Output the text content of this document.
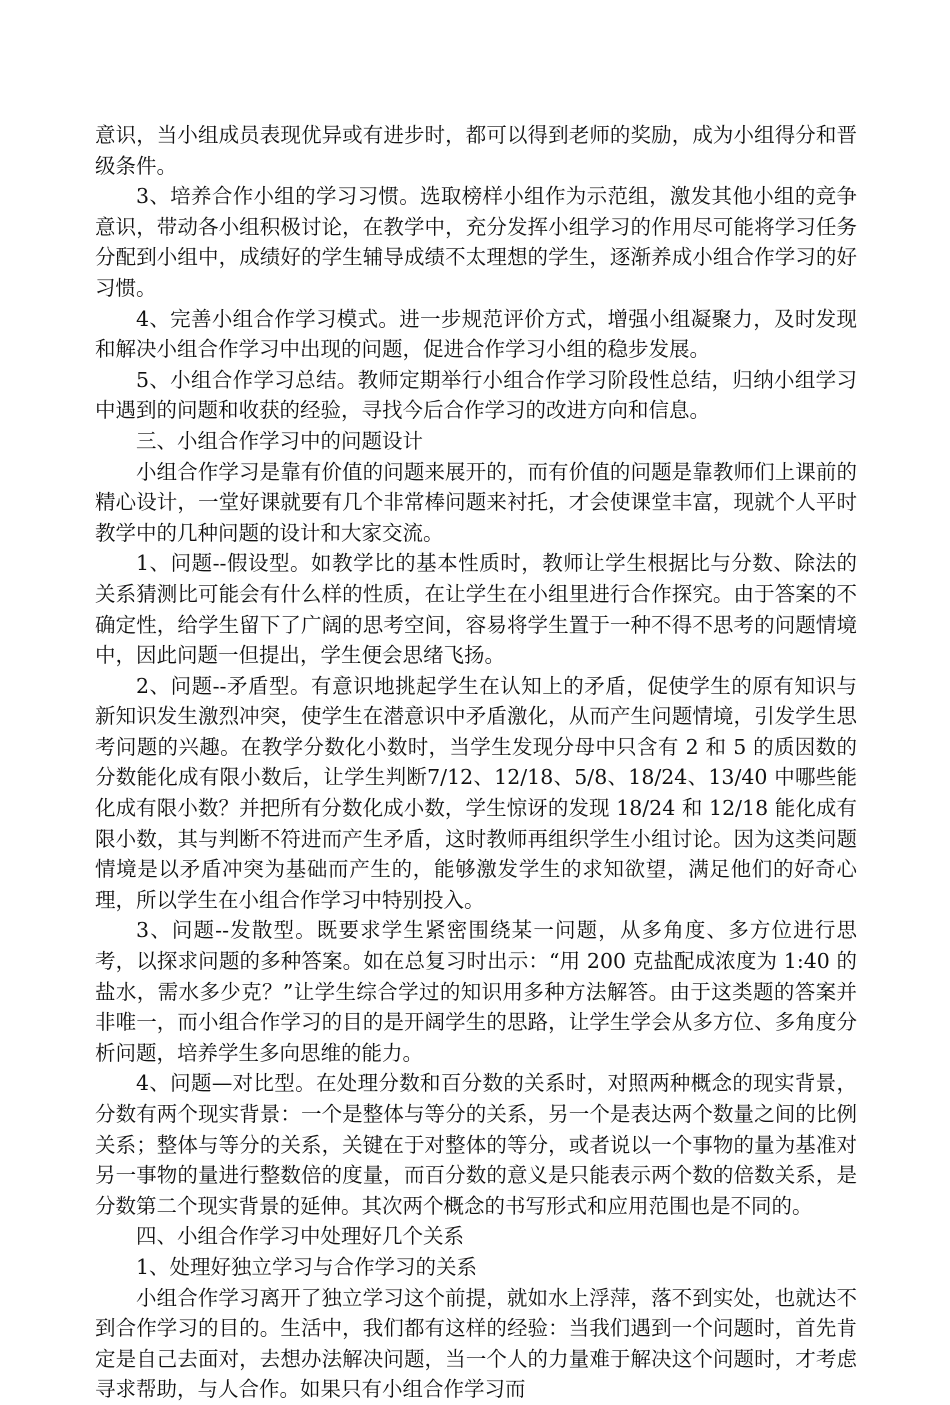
意识，当小组成员表现优异或有进步时，都可以得到老师的奖励，成为小组得分和晋级条件。

3、培养合作小组的学习习惯。选取榜样小组作为示范组，激发其他小组的竞争意识，带动各小组积极讨论，在教学中，充分发挥小组学习的作用尽可能将学习任务分配到小组中，成绩好的学生辅导成绩不太理想的学生，逐渐养成小组合作学习的好习惯。

4、完善小组合作学习模式。进一步规范评价方式，增强小组凝聚力，及时发现和解决小组合作学习中出现的问题，促进合作学习小组的稳步发展。

5、小组合作学习总结。教师定期举行小组合作学习阶段性总结，归纳小组学习中遇到的问题和收获的经验，寻找今后合作学习的改进方向和信息。

三、小组合作学习中的问题设计

小组合作学习是靠有价值的问题来展开的，而有价值的问题是靠教师们上课前的精心设计，一堂好课就要有几个非常棒问题来衬托，才会使课堂丰富，现就个人平时教学中的几种问题的设计和大家交流。

1、问题--假设型。如教学比的基本性质时，教师让学生根据比与分数、除法的关系猜测比可能会有什么样的性质，在让学生在小组里进行合作探究。由于答案的不确定性，给学生留下了广阔的思考空间，容易将学生置于一种不得不思考的问题情境中，因此问题一但提出，学生便会思绪飞扬。

2、问题--矛盾型。有意识地挑起学生在认知上的矛盾，促使学生的原有知识与新知识发生激烈冲突，使学生在潜意识中矛盾激化，从而产生问题情境，引发学生思考问题的兴趣。在教学分数化小数时，当学生发现分母中只含有 2 和 5 的质因数的分数能化成有限小数后，让学生判断7/12、12/18、5/8、18/24、13/40 中哪些能化成有限小数？并把所有分数化成小数，学生惊讶的发现 18/24 和 12/18 能化成有限小数，其与判断不符进而产生矛盾，这时教师再组织学生小组讨论。因为这类问题情境是以矛盾冲突为基础而产生的，能够激发学生的求知欲望，满足他们的好奇心理，所以学生在小组合作学习中特别投入。

3、问题--发散型。既要求学生紧密围绕某一问题，从多角度、多方位进行思考，以探求问题的多种答案。如在总复习时出示：“用 200 克盐配成浓度为 1:40 的盐水，需水多少克？”让学生综合学过的知识用多种方法解答。由于这类题的答案并非唯一，而小组合作学习的目的是开阔学生的思路，让学生学会从多方位、多角度分析问题，培养学生多向思维的能力。

4、问题—对比型。在处理分数和百分数的关系时，对照两种概念的现实背景，分数有两个现实背景：一个是整体与等分的关系，另一个是表达两个数量之间的比例关系；整体与等分的关系，关键在于对整体的等分，或者说以一个事物的量为基准对另一事物的量进行整数倍的度量，而百分数的意义是只能表示两个数的倍数关系，是分数第二个现实背景的延伸。其次两个概念的书写形式和应用范围也是不同的。

四、小组合作学习中处理好几个关系

1、处理好独立学习与合作学习的关系

小组合作学习离开了独立学习这个前提，就如水上浮萍，落不到实处，也就达不到合作学习的目的。生活中，我们都有这样的经验：当我们遇到一个问题时，首先肯定是自己去面对，去想办法解决问题，当一个人的力量难于解决这个问题时，才考虑寻求帮助，与人合作。如果只有小组合作学习而
